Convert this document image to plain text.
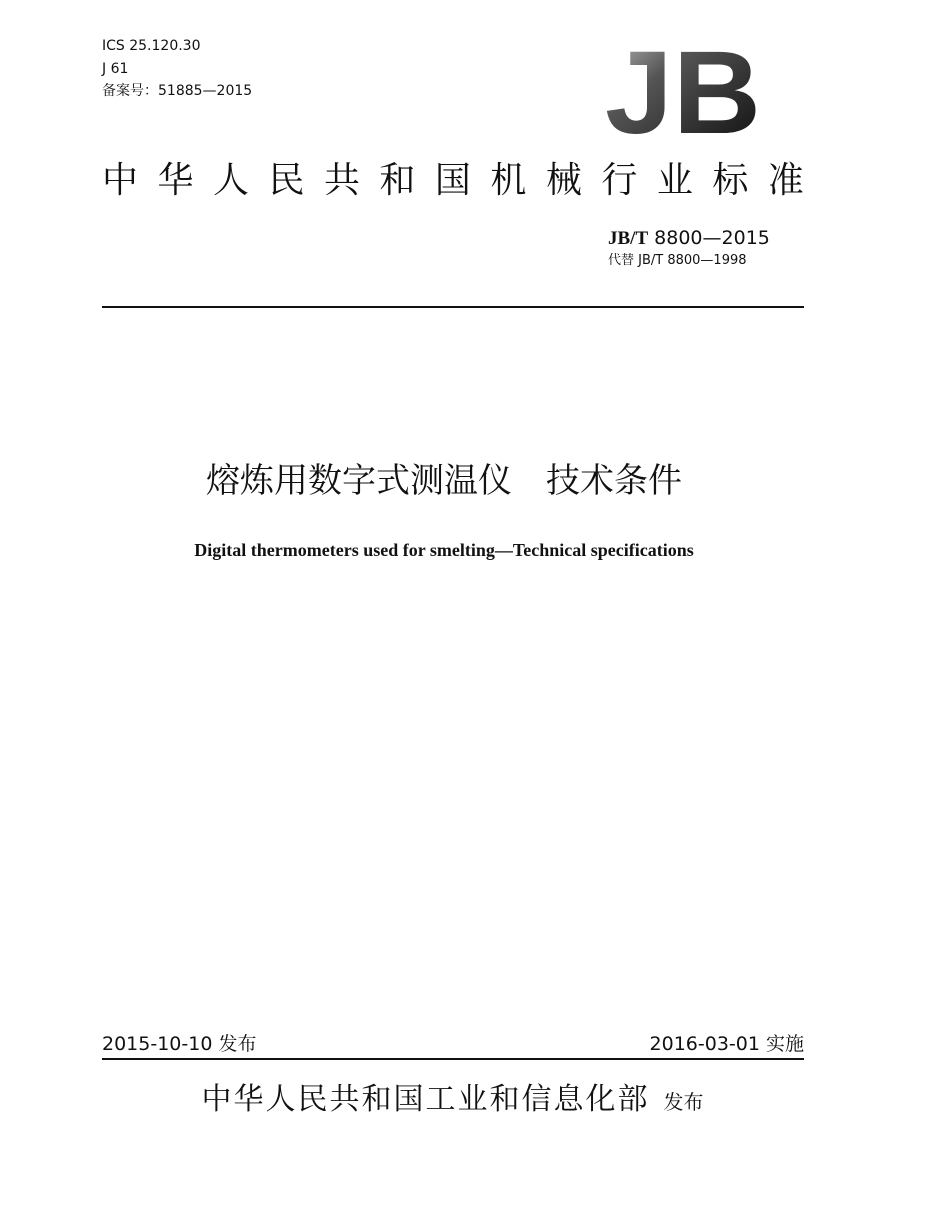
ICS 25.120.30
J 61
备案号：51885—2015	JB
中 华 人 民 共 和 国 机 械 行 业 标 准
JB/T 8800—2015
代替 JB/T 8800—1998
熔炼用数字式测温仪　技术条件
Digital thermometers used for smelting—Technical specifications
2015-10-10 发布	2016-03-01 实施
中华人民共和国工业和信息化部 发布
